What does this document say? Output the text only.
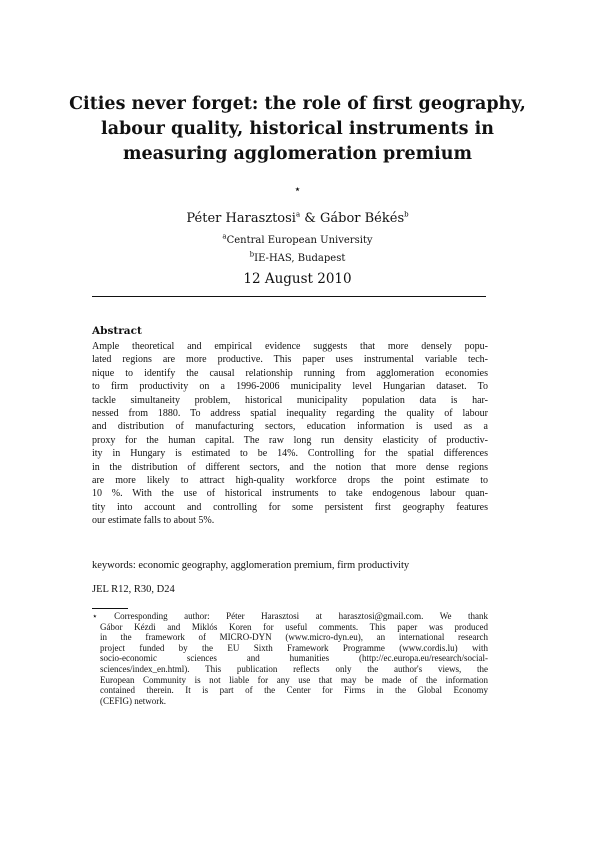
Cities never forget: the role of first geography,
labour quality, historical instruments in
measuring agglomeration premium
⋆
Péter Harasztosi$^a$ & Gábor Békés$^b$
$^a$Central European University
$^b$IE-HAS, Budapest
12 August 2010
Abstract
Ample theoretical and empirical evidence suggests that more densely popu-
lated regions are more productive. This paper uses instrumental variable tech-
nique to identify the causal relationship running from agglomeration economies
to firm productivity on a 1996-2006 municipality level Hungarian dataset. To
tackle simultaneity problem, historical municipality population data is har-
nessed from 1880. To address spatial inequality regarding the quality of labour
and distribution of manufacturing sectors, education information is used as a
proxy for the human capital. The raw long run density elasticity of productiv-
ity in Hungary is estimated to be 14%. Controlling for the spatial differences
in the distribution of different sectors, and the notion that more dense regions
are more likely to attract high-quality workforce drops the point estimate to
10 %. With the use of historical instruments to take endogenous labour quan-
tity into account and controlling for some persistent first geography features
our estimate falls to about 5%.
keywords: economic geography, agglomeration premium, firm productivity
JEL R12, R30, D24
⋆ Corresponding author: Péter Harasztosi at harasztosi@gmail.com. We thank
Gábor Kézdi and Miklós Koren for useful comments. This paper was produced
in the framework of MICRO-DYN (www.micro-dyn.eu), an international research
project funded by the EU Sixth Framework Programme (www.cordis.lu) with
socio-economic sciences and humanities (http://ec.europa.eu/research/social-
sciences/index_en.html). This publication reflects only the author's views, the
European Community is not liable for any use that may be made of the information
contained therein. It is part of the Center for Firms in the Global Economy
(CEFIG) network.
